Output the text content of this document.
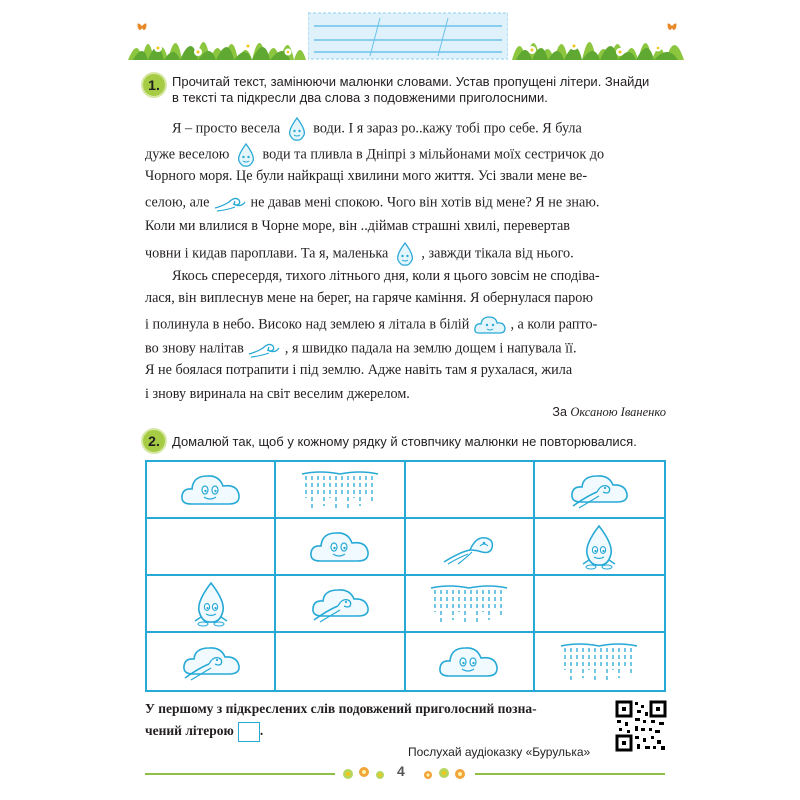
1. Прочитай текст, замінюючи малюнки словами. Устав пропущені літери. Знайди
в тексті та підкресли два слова з подовженими приголосними.
Я – просто весела води. І я зараз ро..кажу тобі про себе. Я була
дуже веселою води та пливла в Дніпрі з мільйонами моїх сестричок до
Чорного моря. Це були найкращі хвилини мого життя. Усі звали мене ве-
селою, але	не давав мені спокою. Чого він хотів від мене? Я не знаю.
Коли ми влилися в Чорне море, він ..діймав страшні хвилі, перевертав
човни і кидав пароплави. Та я, маленька , завжди тікала від нього.
Якось спересердя, тихого літнього дня, коли я цього зовсім не сподіва-
лася, він виплеснув мене на берег, на гаряче каміння. Я обернулася парою
і полинула в небо. Високо над землею я літала в білій	, а коли рапто-
во знову налітав	, я швидко падала на землю дощем і напувала її.
Я не боялася потрапити і під землю. Адже навіть там я рухалася, жила
і знову виринала на світ веселим джерелом.
За Оксаною Іваненко
2. Домалюй так, щоб у кожному рядку й стовпчику малюнки не повторювалися.
У першому з підкреслених слів подовжений приголосний позна-
чений літерою .
Послухай аудіоказку «Бурулька»
4
